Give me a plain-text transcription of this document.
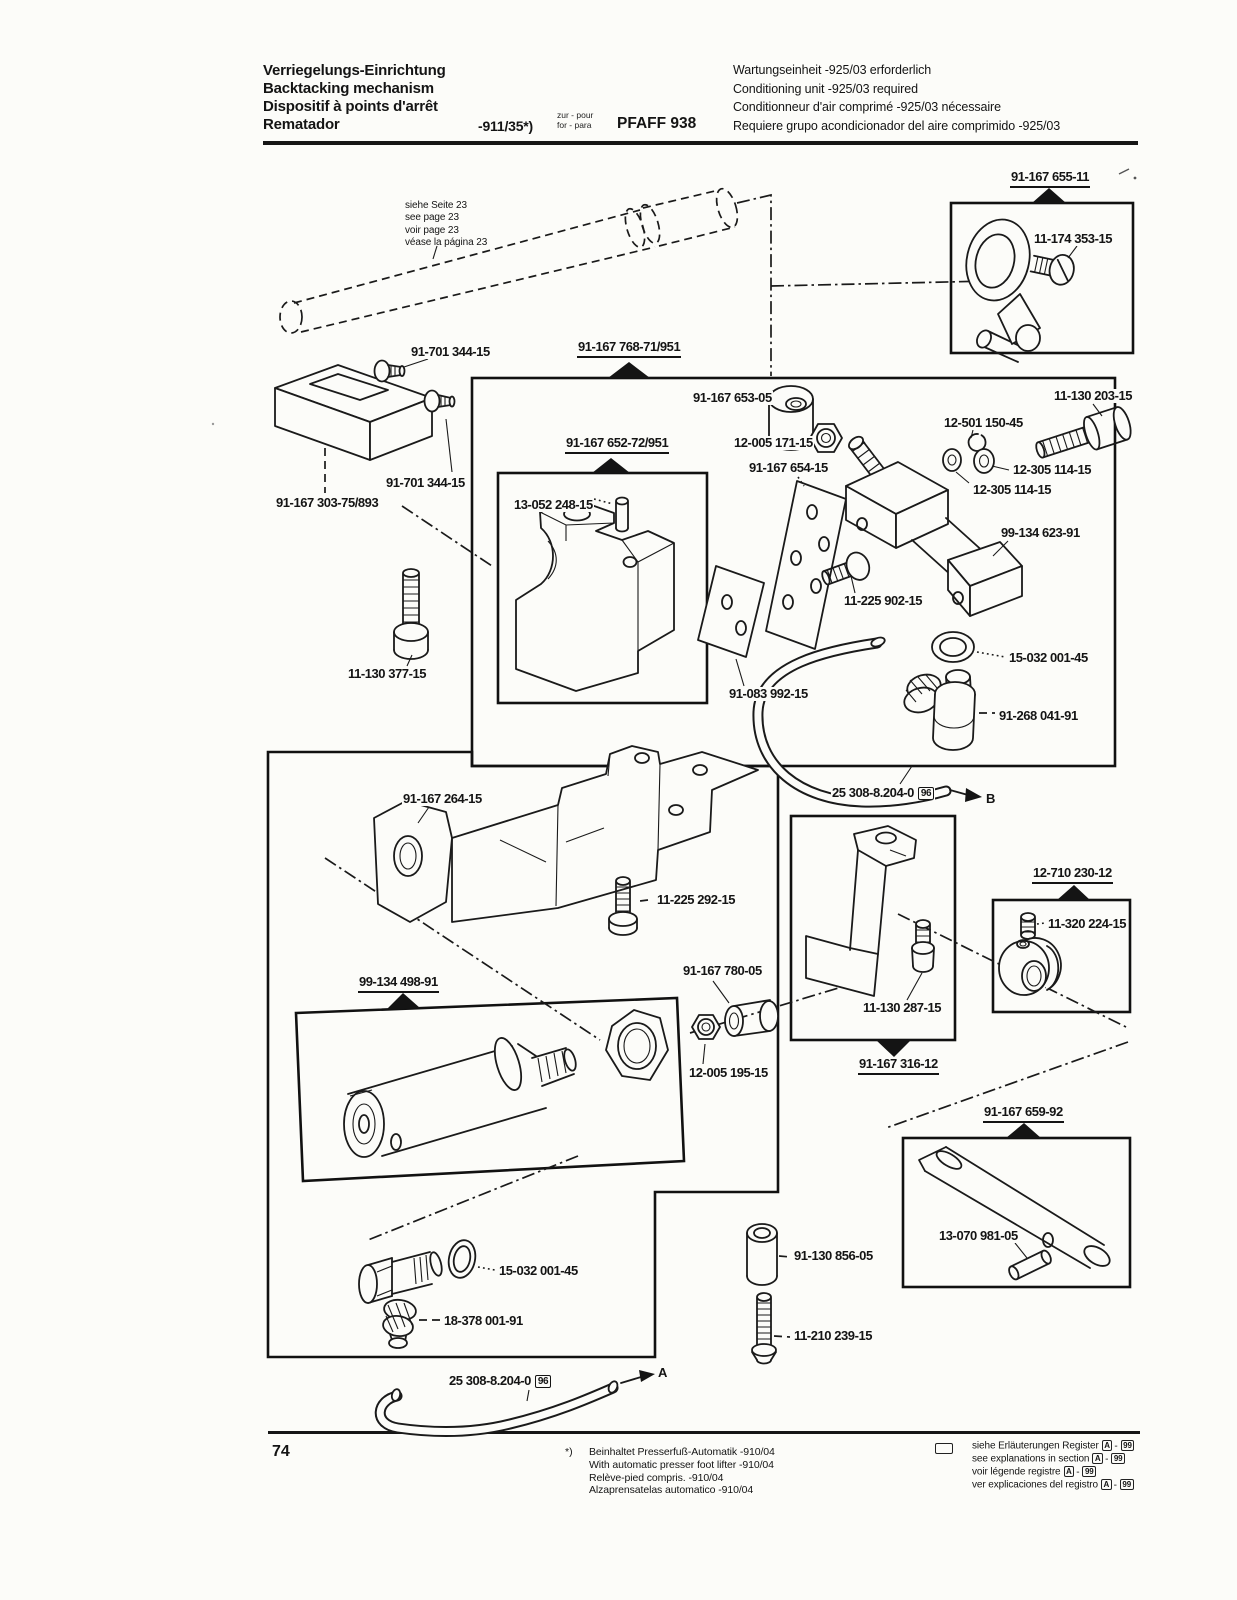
Verriegelungs-Einrichtung
Backtacking mechanism
Dispositif à points d'arrêt
Rematador	-911/35*)
zur - pour
for - para PFAFF 938
Wartungseinheit -925/03 erforderlich
Conditioning unit -925/03 required
Conditionneur d'air comprimé -925/03 nécessaire
Requiere grupo acondicionador del aire comprimido -925/03
siehe Seite 23
see page 23
voir page 23
véase la página 23
91-167 655-11
11-174 353-15
91-701 344-15	91-167 768-71/951
91-167 653-05	11-130 203-15
12-501 150-45
12-005 171-15
91-167 652-72/951
91-167 654-15	12-305 114-15
12-305 114-15
91-701 344-15
91-167 303-75/893	13-052 248-15
99-134 623-91
11-225 902-15
11-130 377-15
15-032 001-45
91-083 992-15
91-268 041-91
91-167 264-15
11-225 292-15
12-710 230-12
11-320 224-15
99-134 498-91
91-167 780-05
11-130 287-15
12-005 195-15
91-167 316-12
91-167 659-92
13-070 981-05
15-032 001-45
91-130 856-05
18-378 001-91
11-210 239-15
25 308-8.204-0 96	B
25 308-8.204-0 96
A
74	*) Beinhaltet Presserfuß-Automatik -910/04
With automatic presser foot lifter -910/04
Relève-pied compris. -910/04
Alzaprensatelas automatico -910/04
siehe Erläuterungen Register A - 99
see explanations in section A - 99
voir légende registre A - 99
ver explicaciones del registro A - 99
